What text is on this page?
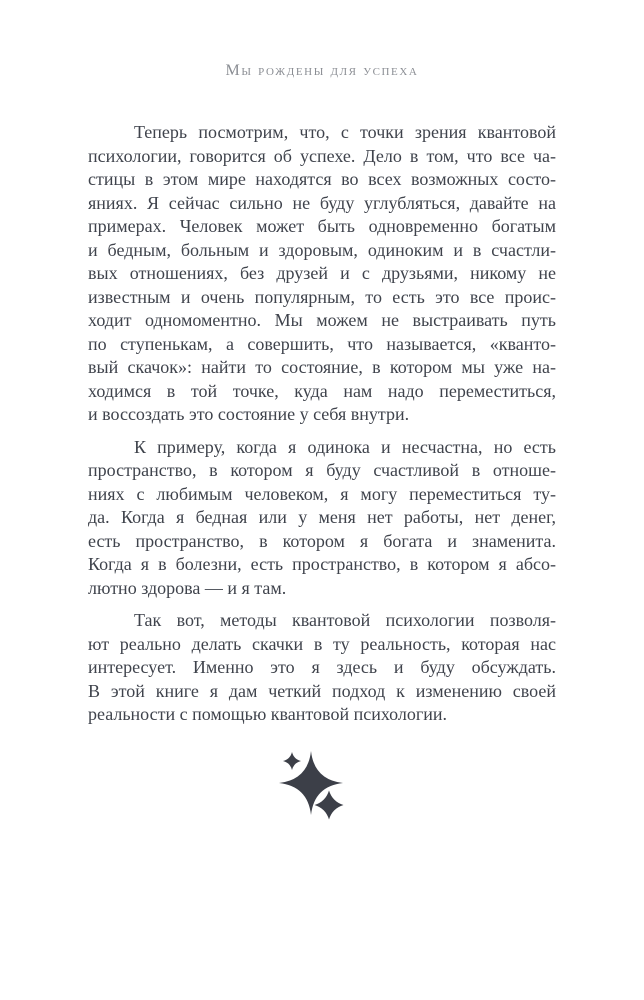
Мы рождены для успеха
Теперь посмотрим, что, с точки зрения квантовой
психологии, говорится об успехе. Дело в том, что все ча-
стицы в этом мире находятся во всех возможных состо-
яниях. Я сейчас сильно не буду углубляться, давайте на
примерах. Человек может быть одновременно богатым
и бедным, больным и здоровым, одиноким и в счастли-
вых отношениях, без друзей и с друзьями, никому не
известным и очень популярным, то есть это все проис-
ходит одномоментно. Мы можем не выстраивать путь
по ступенькам, а совершить, что называется, «кванто-
вый скачок»: найти то состояние, в котором мы уже на-
ходимся в той точке, куда нам надо переместиться,
и воссоздать это состояние у себя внутри.
К примеру, когда я одинока и несчастна, но есть
пространство, в котором я буду счастливой в отноше-
ниях с любимым человеком, я могу переместиться ту-
да. Когда я бедная или у меня нет работы, нет денег,
есть пространство, в котором я богата и знаменита.
Когда я в болезни, есть пространство, в котором я абсо-
лютно здорова — и я там.
Так вот, методы квантовой психологии позволя-
ют реально делать скачки в ту реальность, которая нас
интересует. Именно это я здесь и буду обсуждать.
В этой книге я дам четкий подход к изменению своей
реальности с помощью квантовой психологии.
